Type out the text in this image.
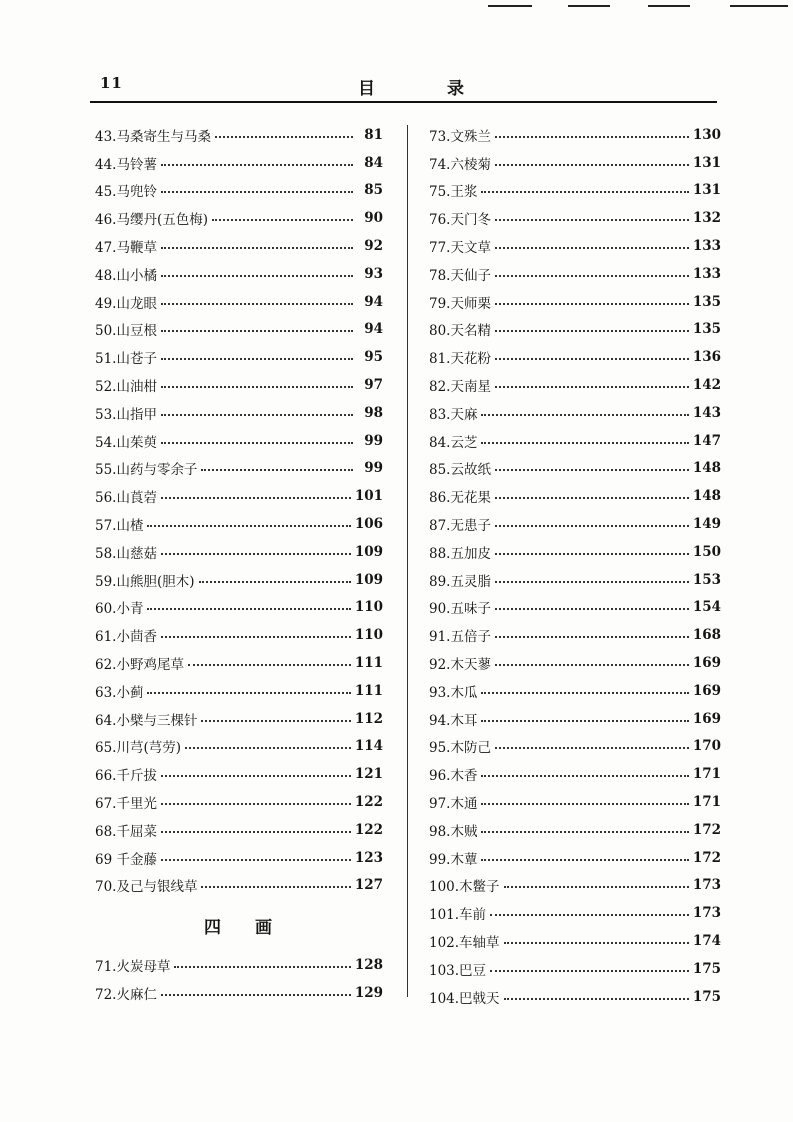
11	目	录
43.马桑寄生与马桑	81
44.马铃薯	84
45.马兜铃	85
46.马缨丹(五色梅)	90
47.马鞭草	92
48.山小橘	93
49.山龙眼	94
50.山豆根	94
51.山苍子	95
52.山油柑	97
53.山指甲	98
54.山茱萸	99
55.山药与零余子	99
56.山莨菪	101
57.山楂	106
58.山慈菇	109
59.山熊胆(胆木)	109
60.小青	110
61.小茴香	110
62.小野鸡尾草	111
63.小蓟	111
64.小檗与三棵针	112
65.川芎(芎劳)	114
66.千斤拔	121
67.千里光	122
68.千屈菜	122
69 千金藤	123
70.及己与银线草	127
四 画
71.火炭母草	128
72.火麻仁	129
73.文殊兰	130
74.六棱菊	131
75.王浆	131
76.天门冬	132
77.天文草	133
78.天仙子	133
79.天师栗	135
80.天名精	135
81.天花粉	136
82.天南星	142
83.天麻	143
84.云芝	147
85.云故纸	148
86.无花果	148
87.无患子	149
88.五加皮	150
89.五灵脂	153
90.五味子	154
91.五倍子	168
92.木天蓼	169
93.木瓜	169
94.木耳	169
95.木防己	170
96.木香	171
97.木通	171
98.木贼	172
99.木蕈	172
100.木鳖子	173
101.车前	173
102.车轴草	174
103.巴豆	175
104.巴戟天	175
